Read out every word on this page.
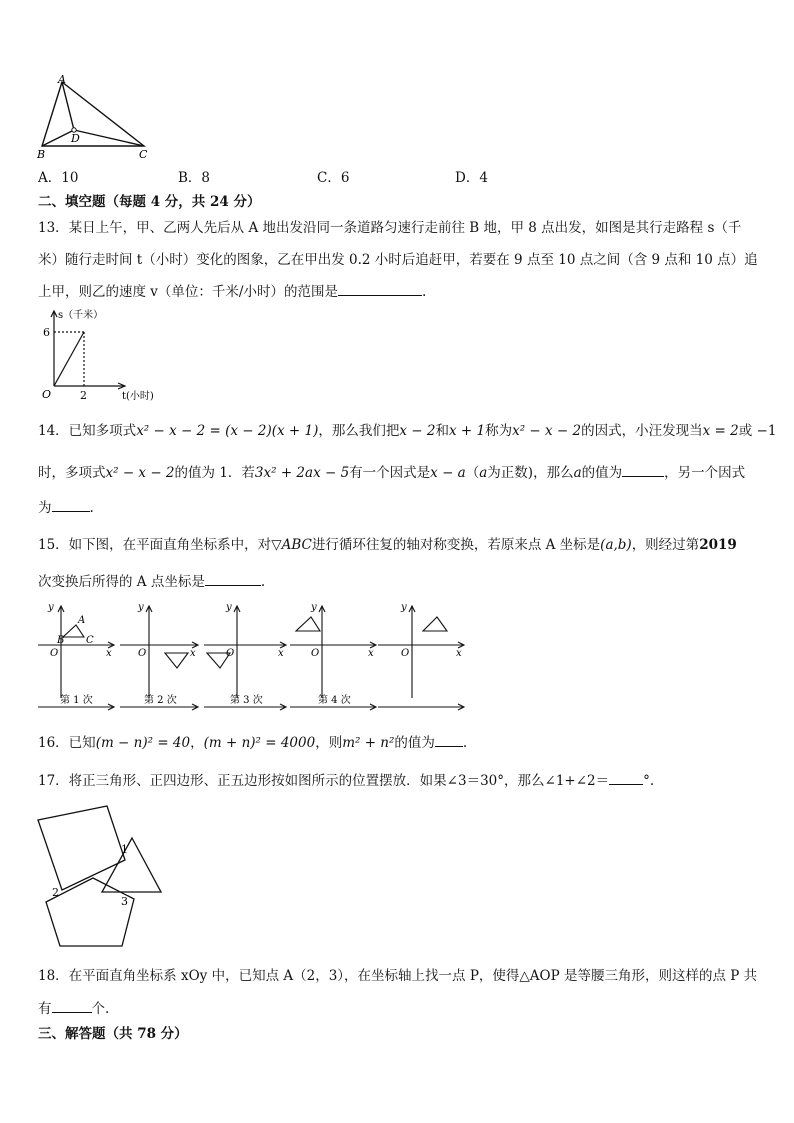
A
B	C
D
A．10	B．8	C．6	D．4
二、填空题（每题 4 分，共 24 分）
13．某日上午，甲、乙两人先后从 A 地出发沿同一条道路匀速行走前往 B 地，甲 8 点出发，如图是其行走路程 s（千
米）随行走时间 t（小时）变化的图象，乙在甲出发 0.2 小时后追赶甲，若要在 9 点至 10 点之间（含 9 点和 10 点）追
上甲，则乙的速度 v（单位：千米/小时）的范围是	.
s（千米）
t(小时)
O
6
2
14．已知多项式x² − x − 2 = (x − 2)(x + 1)，那么我们把x − 2和x + 1称为x² − x − 2的因式，小汪发现当x = 2或 −1
时，多项式x² − x − 2的值为 1．若3x² + 2ax − 5有一个因式是x − a（a为正数)，那么a的值为	，另一个因式
为	.
15．如下图，在平面直角坐标系中，对▽ABC进行循环往复的轴对称变换，若原来点 A 坐标是(a,b)，则经过第2019
次变换后所得的 A 点坐标是	.
y
x
O
A
B C
y
x
O
y
x
O
y
x
O
y
x
O
第 1 次	第 2 次	第 3 次	第 4 次
16．已知(m − n)² = 40，(m + n)² = 4000，则m² + n²的值为 .
17．将正三角形、正四边形、正五边形按如图所示的位置摆放．如果∠3＝30°，那么∠1+∠2＝	°.
1
2
3
18．在平面直角坐标系 xOy 中，已知点 A（2，3），在坐标轴上找一点 P，使得△AOP 是等腰三角形，则这样的点 P 共
有	个.
三、解答题（共 78 分）
